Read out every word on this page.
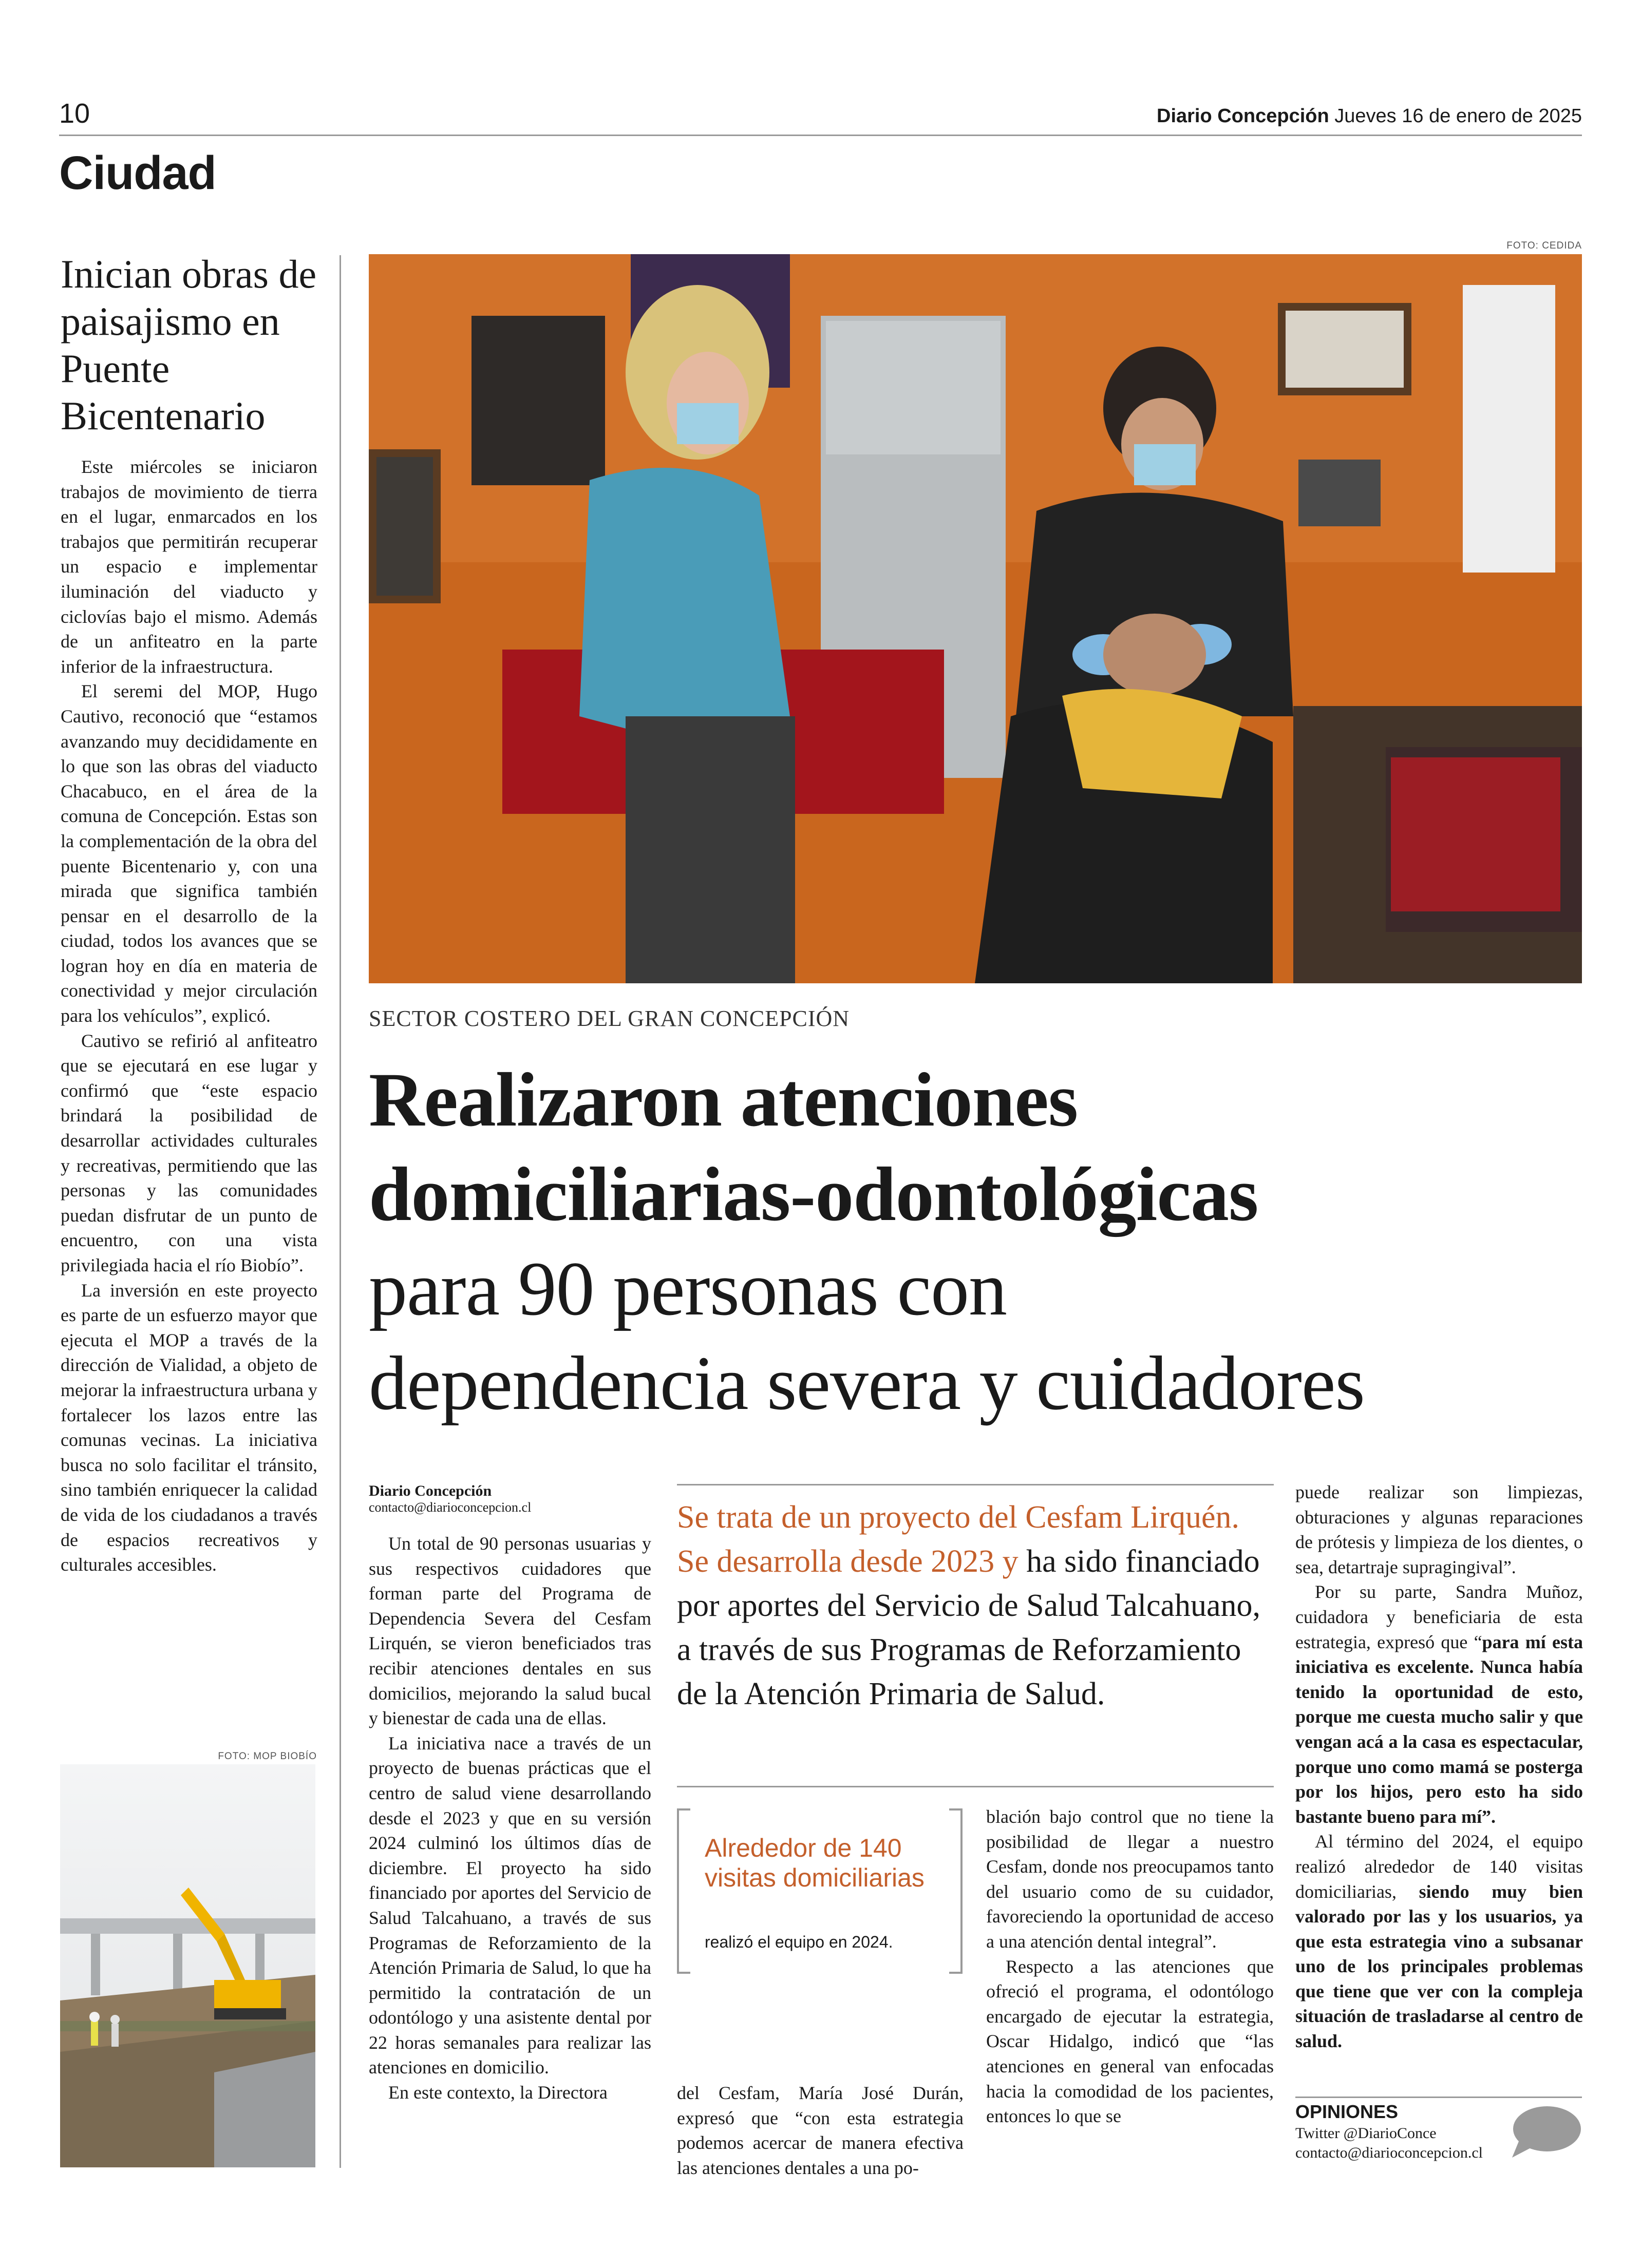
10	Diario Concepción Jueves 16 de enero de 2025
Ciudad
Inician obras de paisajismo en Puente Bicentenario

Este miércoles se iniciaron trabajos de movimiento de tierra en el lugar, enmarcados en los trabajos que permitirán recuperar un espacio e implementar iluminación del viaducto y ciclovías bajo el mismo. Además de un anfiteatro en la parte inferior de la infraestructura.

El seremi del MOP, Hugo Cautivo, reconoció que “estamos avanzando muy decididamente en lo que son las obras del viaducto Chacabuco, en el área de la comuna de Concepción. Estas son la complementación de la obra del puente Bicentenario y, con una mirada que significa también pensar en el desarrollo de la ciudad, todos los avances que se logran hoy en día en materia de conectividad y mejor circulación para los vehículos”, explicó.

Cautivo se refirió al anfiteatro que se ejecutará en ese lugar y confirmó que “este espacio brindará la posibilidad de desarrollar actividades culturales y recreativas, permitiendo que las personas y las comunidades puedan disfrutar de un punto de encuentro, con una vista privilegiada hacia el río Biobío”.

La inversión en este proyecto es parte de un esfuerzo mayor que ejecuta el MOP a través de la dirección de Vialidad, a objeto de mejorar la infraestructura urbana y fortalecer los lazos entre las comunas vecinas. La iniciativa busca no solo facilitar el tránsito, sino también enriquecer la calidad de vida de los ciudadanos a través de espacios recreativos y culturales accesibles.

FOTO: MOP BIOBÍO
FOTO: CEDIDA
SECTOR COSTERO DEL GRAN CONCEPCIÓN
Realizaron atenciones
domiciliarias-odontológicas
para 90 personas con
dependencia severa y cuidadores
Diario Concepción
contacto@diarioconcepcion.cl

Un total de 90 personas usuarias y sus respectivos cuidadores que forman parte del Programa de Dependencia Severa del Cesfam Lirquén, se vieron beneficiados tras recibir atenciones dentales en sus domicilios, mejorando la salud bucal y bienestar de cada una de ellas.

La iniciativa nace a través de un proyecto de buenas prácticas que el centro de salud viene desarrollando desde el 2023 y que en su versión 2024 culminó los últimos días de diciembre. El proyecto ha sido financiado por aportes del Servicio de Salud Talcahuano, a través de sus Programas de Reforzamiento de la Atención Primaria de Salud, lo que ha permitido la contratación de un odontólogo y una asistente dental por 22 horas semanales para realizar las atenciones en domicilio.

En este contexto, la Directora

Se trata de un proyecto del Cesfam Lirquén. Se desarrolla desde 2023 y ha sido financiado por aportes del Servicio de Salud Talcahuano, a través de sus Programas de Reforzamiento de la Atención Primaria de Salud.

Alrededor de 140 visitas domiciliarias
realizó el equipo en 2024.

del Cesfam, María José Durán, expresó que “con esta estrategia podemos acercar de manera efectiva las atenciones dentales a una po-

blación bajo control que no tiene la posibilidad de llegar a nuestro Cesfam, donde nos preocupamos tanto del usuario como de su cuidador, favoreciendo la oportunidad de acceso a una atención dental integral”.

Respecto a las atenciones que ofreció el programa, el odontólogo encargado de ejecutar la estrategia, Oscar Hidalgo, indicó que “las atenciones en general van enfocadas hacia la comodidad de los pacientes, entonces lo que se

puede realizar son limpiezas, obturaciones y algunas reparaciones de prótesis y limpieza de los dientes, o sea, detartraje supragingival”.

Por su parte, Sandra Muñoz, cuidadora y beneficiaria de esta estrategia, expresó que “para mí esta iniciativa es excelente. Nunca había tenido la oportunidad de esto, porque me cuesta mucho salir y que vengan acá a la casa es espectacular, porque uno como mamá se posterga por los hijos, pero esto ha sido bastante bueno para mí”.

Al término del 2024, el equipo realizó alrededor de 140 visitas domiciliarias, siendo muy bien valorado por las y los usuarios, ya que esta estrategia vino a subsanar uno de los principales problemas que tiene que ver con la compleja situación de trasladarse al centro de salud.

OPINIONES
Twitter @DiarioConce
contacto@diarioconcepcion.cl
